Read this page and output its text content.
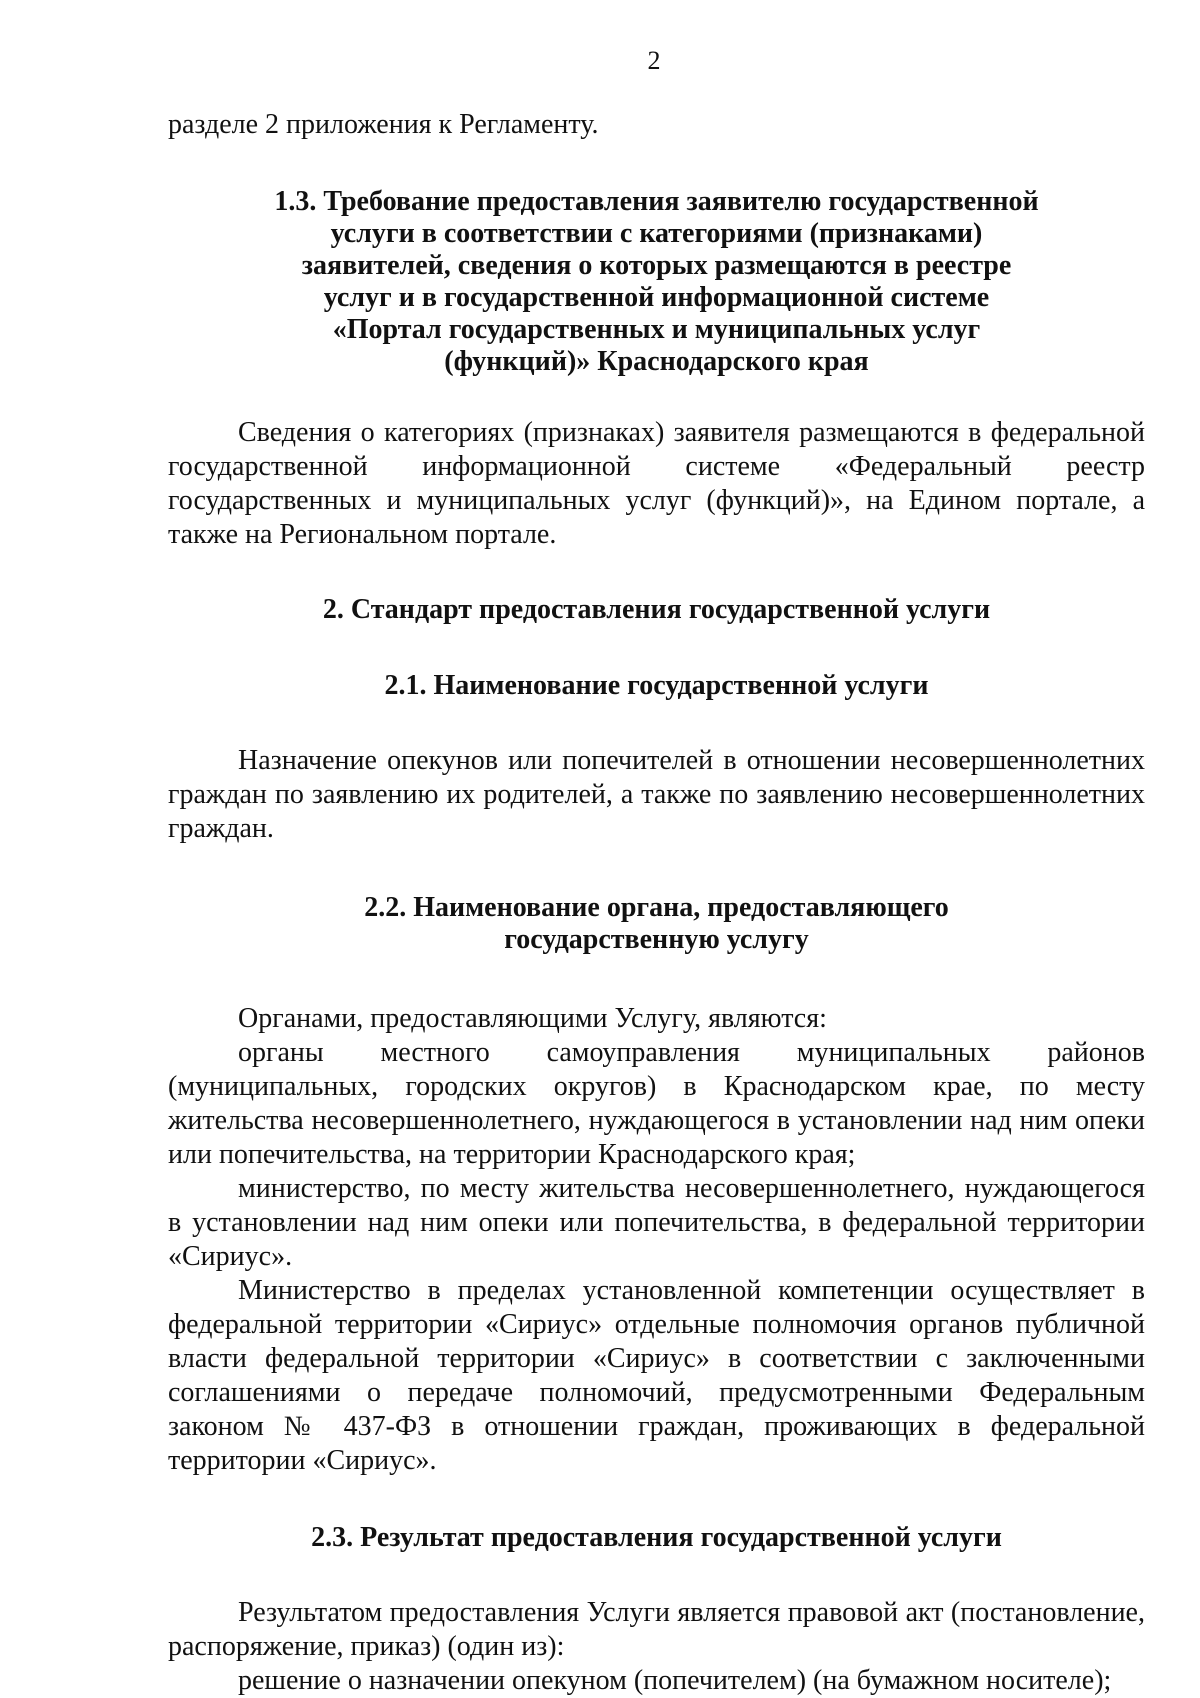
2

разделе 2 приложения к Регламенту.

1.3. Требование предоставления заявителю государственной
услуги в соответствии с категориями (признаками)
заявителей, сведения о которых размещаются в реестре
услуг и в государственной информационной системе
«Портал государственных и муниципальных услуг
(функций)» Краснодарского края

Сведения о категориях (признаках) заявителя размещаются в федеральной государственной информационной системе «Федеральный реестр государственных и муниципальных услуг (функций)», на Едином портале, а также на Региональном портале.

2. Стандарт предоставления государственной услуги
2.1. Наименование государственной услуги

Назначение опекунов или попечителей в отношении несовершеннолетних граждан по заявлению их родителей, а также по заявлению несовершеннолетних граждан.

2.2. Наименование органа, предоставляющего
государственную услугу

Органами, предоставляющими Услугу, являются:

органы местного самоуправления муниципальных районов (муниципальных, городских округов) в Краснодарском крае, по месту жительства несовершеннолетнего, нуждающегося в установлении над ним опеки или попечительства, на территории Краснодарского края;

министерство, по месту жительства несовершеннолетнего, нуждающегося в установлении над ним опеки или попечительства, в федеральной территории «Сириус».

Министерство в пределах установленной компетенции осуществляет в федеральной территории «Сириус» отдельные полномочия органов публичной власти федеральной территории «Сириус» в соответствии с заключенными соглашениями о передаче полномочий, предусмотренными Федеральным законом № 437-ФЗ в отношении граждан, проживающих в федеральной территории «Сириус».

2.3. Результат предоставления государственной услуги

Результатом предоставления Услуги является правовой акт (постановление, распоряжение, приказ) (один из):

решение о назначении опекуном (попечителем) (на бумажном носителе);
